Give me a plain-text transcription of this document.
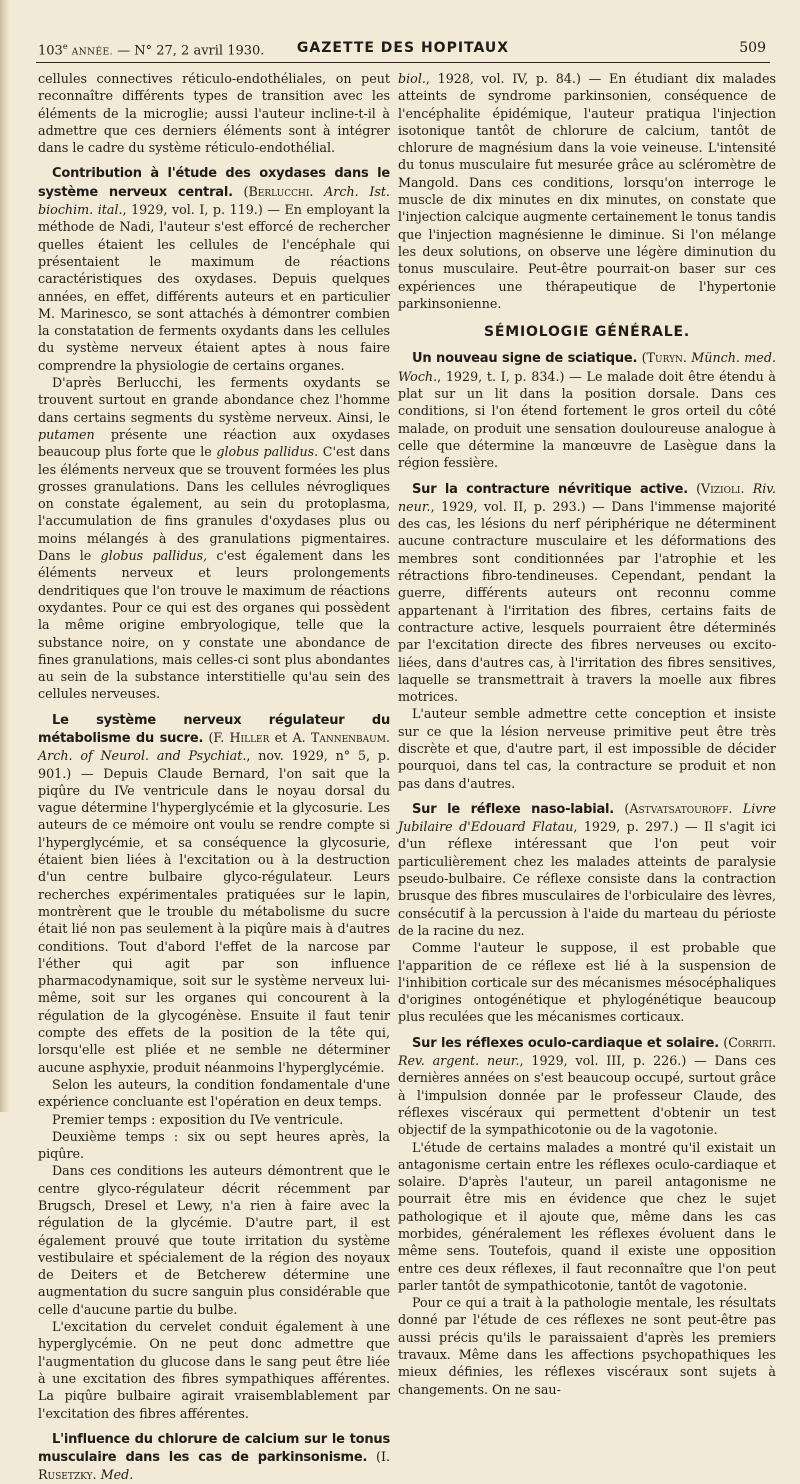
103e ANNÉE. — N° 27, 2 avril 1930.	GAZETTE DES HOPITAUX	509

cellules connectives réticulo-endothéliales, on peut reconnaître différents types de transition avec les éléments de la microglie; aussi l'auteur incline-t-il à admettre que ces derniers éléments sont à intégrer dans le cadre du système réticulo-endothélial.

Contribution à l'étude des oxydases dans le système nerveux central. (Berlucchi. Arch. Ist. biochim. ital., 1929, vol. I, p. 119.) — En employant la méthode de Nadi, l'auteur s'est efforcé de rechercher quelles étaient les cellules de l'encéphale qui présentaient le maximum de réactions caractéristiques des oxydases. Depuis quelques années, en effet, différents auteurs et en particulier M. Marinesco, se sont attachés à démontrer combien la constatation de ferments oxydants dans les cellules du système nerveux étaient aptes à nous faire comprendre la physiologie de certains organes.

D'après Berlucchi, les ferments oxydants se trouvent surtout en grande abondance chez l'homme dans certains segments du système nerveux. Ainsi, le putamen présente une réaction aux oxydases beaucoup plus forte que le globus pallidus. C'est dans les éléments nerveux que se trouvent formées les plus grosses granulations. Dans les cellules névrogliques on constate également, au sein du protoplasma, l'accumulation de fins granules d'oxydases plus ou moins mélangés à des granulations pigmentaires. Dans le globus pallidus, c'est également dans les éléments nerveux et leurs prolongements dendritiques que l'on trouve le maximum de réactions oxydantes. Pour ce qui est des organes qui possèdent la même origine embryologique, telle que la substance noire, on y constate une abondance de fines granulations, mais celles-ci sont plus abondantes au sein de la substance interstitielle qu'au sein des cellules nerveuses.

Le système nerveux régulateur du métabolisme du sucre. (F. Hiller et A. Tannenbaum. Arch. of Neurol. and Psychiat., nov. 1929, n° 5, p. 901.) — Depuis Claude Bernard, l'on sait que la piqûre du IVe ventricule dans le noyau dorsal du vague détermine l'hyperglycémie et la glycosurie. Les auteurs de ce mémoire ont voulu se rendre compte si l'hyperglycémie, et sa conséquence la glycosurie, étaient bien liées à l'excitation ou à la destruction d'un centre bulbaire glyco-régulateur. Leurs recherches expérimentales pratiquées sur le lapin, montrèrent que le trouble du métabolisme du sucre était lié non pas seulement à la piqûre mais à d'autres conditions. Tout d'abord l'effet de la narcose par l'éther qui agit par son influence pharmacodynamique, soit sur le système nerveux lui-même, soit sur les organes qui concourent à la régulation de la glycogénèse. Ensuite il faut tenir compte des effets de la position de la tête qui, lorsqu'elle est pliée et ne semble ne déterminer aucune asphyxie, produit néanmoins l'hyperglycémie.

Selon les auteurs, la condition fondamentale d'une expérience concluante est l'opération en deux temps.

Premier temps : exposition du IVe ventricule.

Deuxième temps : six ou sept heures après, la piqûre.

Dans ces conditions les auteurs démontrent que le centre glyco-régulateur décrit récemment par Brugsch, Dresel et Lewy, n'a rien à faire avec la régulation de la glycémie. D'autre part, il est également prouvé que toute irritation du système vestibulaire et spécialement de la région des noyaux de Deiters et de Betcherew détermine une augmentation du sucre sanguin plus considérable que celle d'aucune partie du bulbe.

L'excitation du cervelet conduit également à une hyperglycémie. On ne peut donc admettre que l'augmentation du glucose dans le sang peut être liée à une excitation des fibres sympathiques afférentes. La piqûre bulbaire agirait vraisemblablement par l'excitation des fibres afférentes.

L'influence du chlorure de calcium sur le tonus musculaire dans les cas de parkinsonisme. (I. Rusetzky. Med.

biol., 1928, vol. IV, p. 84.) — En étudiant dix malades atteints de syndrome parkinsonien, conséquence de l'encéphalite épidémique, l'auteur pratiqua l'injection isotonique tantôt de chlorure de calcium, tantôt de chlorure de magnésium dans la voie veineuse. L'intensité du tonus musculaire fut mesurée grâce au scléromètre de Mangold. Dans ces conditions, lorsqu'on interroge le muscle de dix minutes en dix minutes, on constate que l'injection calcique augmente certainement le tonus tandis que l'injection magnésienne le diminue. Si l'on mélange les deux solutions, on observe une légère diminution du tonus musculaire. Peut-être pourrait-on baser sur ces expériences une thérapeutique de l'hypertonie parkinsonienne.

SÉMIOLOGIE GÉNÉRALE.

Un nouveau signe de sciatique. (Turyn. Münch. med. Woch., 1929, t. I, p. 834.) — Le malade doit être étendu à plat sur un lit dans la position dorsale. Dans ces conditions, si l'on étend fortement le gros orteil du côté malade, on produit une sensation douloureuse analogue à celle que détermine la manœuvre de Lasègue dans la région fessière.

Sur la contracture névritique active. (Vizioli. Riv. neur., 1929, vol. II, p. 293.) — Dans l'immense majorité des cas, les lésions du nerf périphérique ne déterminent aucune contracture musculaire et les déformations des membres sont conditionnées par l'atrophie et les rétractions fibro-tendineuses. Cependant, pendant la guerre, différents auteurs ont reconnu comme appartenant à l'irritation des fibres, certains faits de contracture active, lesquels pourraient être déterminés par l'excitation directe des fibres nerveuses ou excito-liées, dans d'autres cas, à l'irritation des fibres sensitives, laquelle se transmettrait à travers la moelle aux fibres motrices.

L'auteur semble admettre cette conception et insiste sur ce que la lésion nerveuse primitive peut être très discrète et que, d'autre part, il est impossible de décider pourquoi, dans tel cas, la contracture se produit et non pas dans d'autres.

Sur le réflexe naso-labial. (Astvatsatouroff. Livre Jubilaire d'Edouard Flatau, 1929, p. 297.) — Il s'agit ici d'un réflexe intéressant que l'on peut voir particulièrement chez les malades atteints de paralysie pseudo-bulbaire. Ce réflexe consiste dans la contraction brusque des fibres musculaires de l'orbiculaire des lèvres, consécutif à la percussion à l'aide du marteau du périoste de la racine du nez.

Comme l'auteur le suppose, il est probable que l'apparition de ce réflexe est lié à la suspension de l'inhibition corticale sur des mécanismes mésocéphaliques d'origines ontogénétique et phylogénétique beaucoup plus reculées que les mécanismes corticaux.

Sur les réflexes oculo-cardiaque et solaire. (Corriti. Rev. argent. neur., 1929, vol. III, p. 226.) — Dans ces dernières années on s'est beaucoup occupé, surtout grâce à l'impulsion donnée par le professeur Claude, des réflexes viscéraux qui permettent d'obtenir un test objectif de la sympathicotonie ou de la vagotonie.

L'étude de certains malades a montré qu'il existait un antagonisme certain entre les réflexes oculo-cardiaque et solaire. D'après l'auteur, un pareil antagonisme ne pourrait être mis en évidence que chez le sujet pathologique et il ajoute que, même dans les cas morbides, généralement les réflexes évoluent dans le même sens. Toutefois, quand il existe une opposition entre ces deux réflexes, il faut reconnaître que l'on peut parler tantôt de sympathicotonie, tantôt de vagotonie.

Pour ce qui a trait à la pathologie mentale, les résultats donné par l'étude de ces réflexes ne sont peut-être pas aussi précis qu'ils le paraissaient d'après les premiers travaux. Même dans les affections psychopathiques les mieux définies, les réflexes viscéraux sont sujets à changements. On ne sau-
